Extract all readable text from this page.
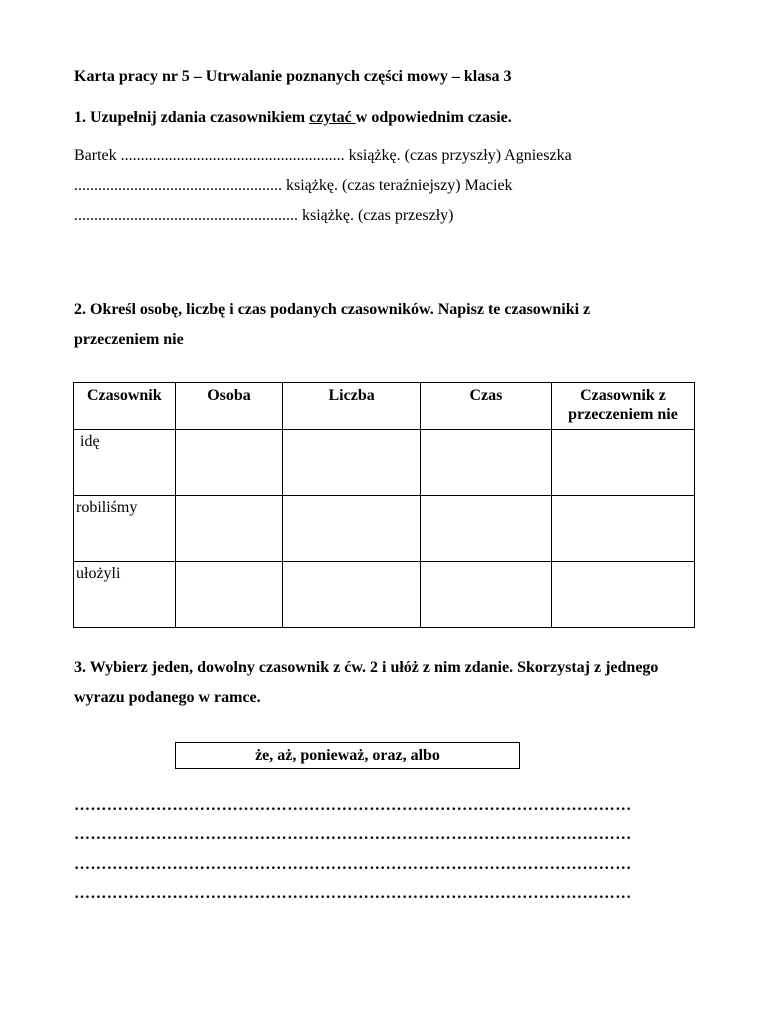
Karta pracy nr 5 – Utrwalanie poznanych części mowy – klasa 3
1. Uzupełnij zdania czasownikiem czytać w odpowiednim czasie.
Bartek ........................................................ książkę. (czas przyszły) Agnieszka
.................................................... książkę. (czas teraźniejszy) Maciek
........................................................ książkę. (czas przeszły)
2. Określ osobę, liczbę i czas podanych czasowników. Napisz te czasowniki z przeczeniem nie
Czasownik	Osoba	Liczba	Czas	Czasownik z przeczeniem nie
idę				
robiliśmy				
ułożyli				
3. Wybierz jeden, dowolny czasownik z ćw. 2 i ułóż z nim zdanie. Skorzystaj z jednego wyrazu podanego w ramce.
że, aż, ponieważ, oraz, albo
…………………………………………………………………………………………
…………………………………………………………………………………………
…………………………………………………………………………………………
…………………………………………………………………………………………
